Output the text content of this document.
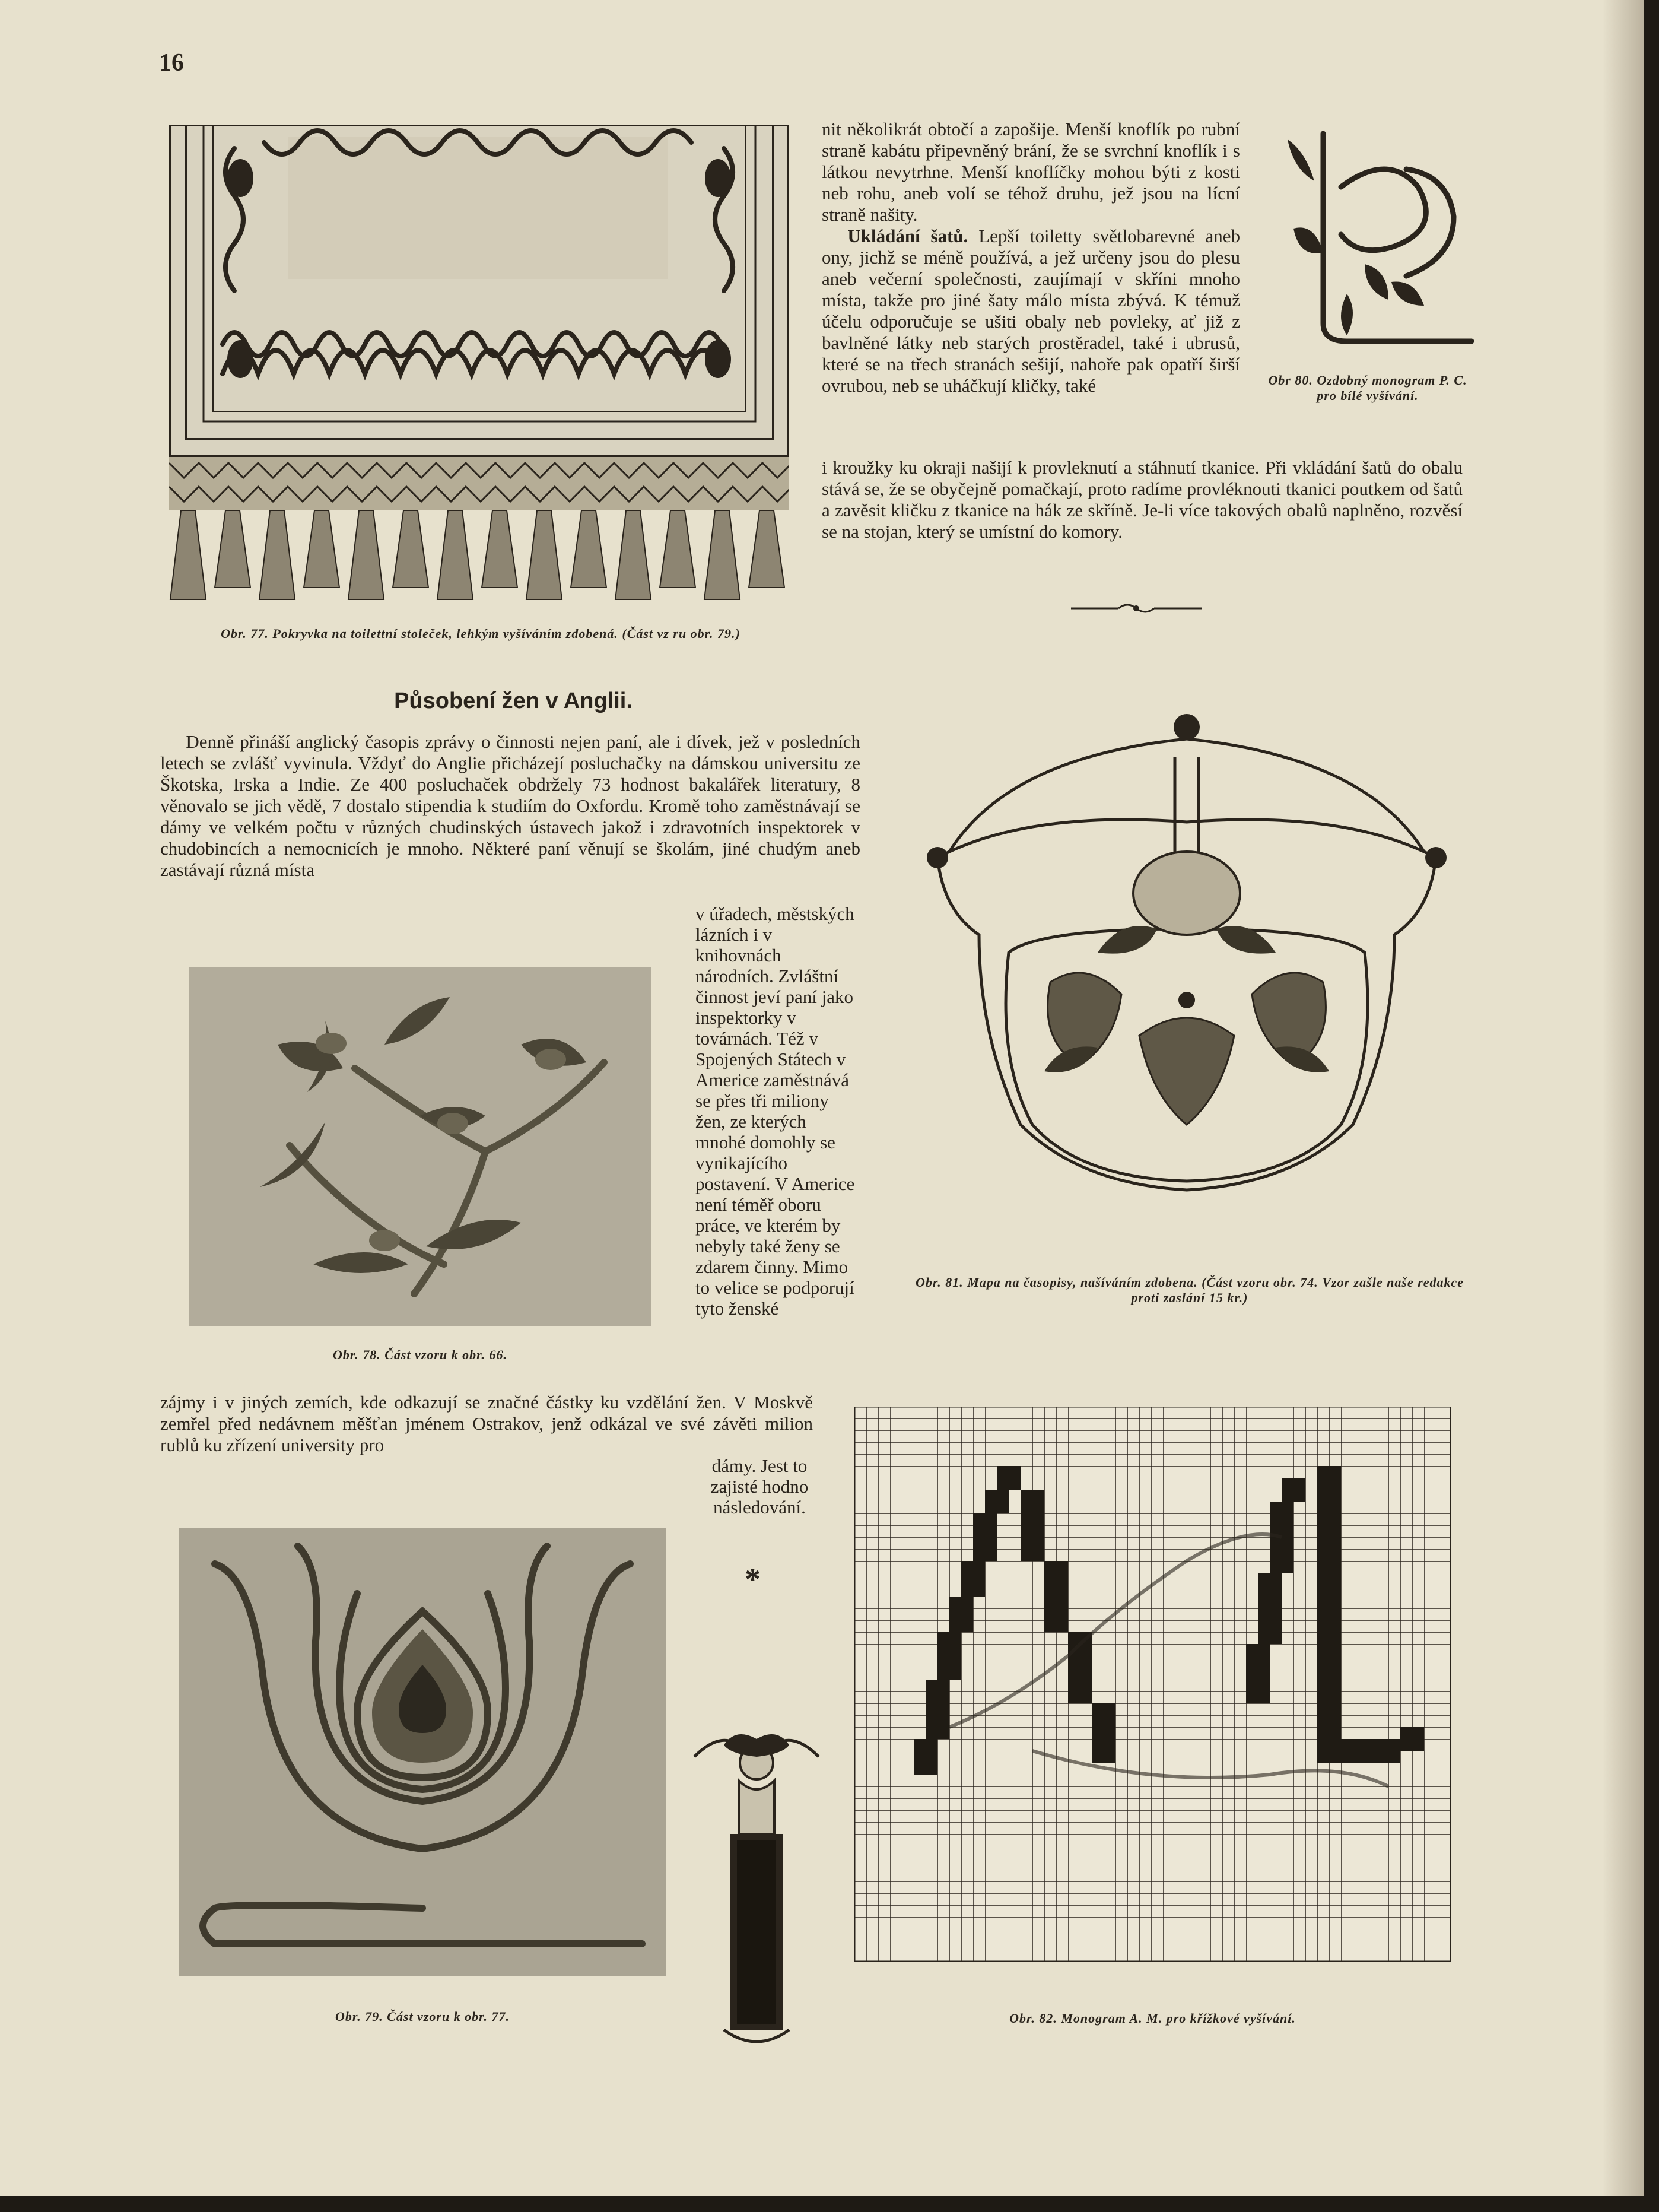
16
Obr. 77. Pokryvka na toilettní stoleček, lehkým vyšíváním zdobená. (Část vz ru obr. 79.)

nit několikrát obtočí a zapošije. Menší knoflík po rubní straně kabátu připevněný brání, že se svrchní knoflík i s látkou nevytrhne. Menší knoflíčky mohou býti z kosti neb rohu, aneb volí se téhož druhu, jež jsou na lícní straně našity.

Ukládání šatů. Lepší toiletty světlobarevné aneb ony, jichž se méně používá, a jež určeny jsou do plesu aneb večerní společnosti, zaujímají v skříni mnoho místa, takže pro jiné šaty málo místa zbývá. K témuž účelu odporučuje se ušiti obaly neb povleky, ať již z bavlněné látky neb starých prostěradel, také i ubrusů, které se na třech stranách sešijí, nahoře pak opatří širší ovrubou, neb se uháčkují kličky, také

i kroužky ku okraji našijí k provleknutí a stáhnutí tkanice. Při vkládání šatů do obalu stává se, že se obyčejně pomačkají, proto radíme provléknouti tkanici poutkem od šatů a zavěsit kličku z tkanice na hák ze skříně. Je-li více takových obalů naplněno, rozvěsí se na stojan, který se umístní do komory.
Obr 80. Ozdobný monogram P. C. pro bílé vyšívání.
Působení žen v Anglii.

Denně přináší anglický časopis zprávy o činnosti nejen paní, ale i dívek, jež v posledních letech se zvlášť vyvinula. Vždyť do Anglie přicházejí posluchačky na dámskou universitu ze Škotska, Irska a Indie. Ze 400 posluchaček obdržely 73 hodnost bakalářek literatury, 8 věnovalo se jich vědě, 7 dostalo stipendia k studiím do Oxfordu. Kromě toho zaměstnávají se dámy ve velkém počtu v různých chudinských ústavech jakož i zdravotních inspektorek v chudobincích a nemocnicích je mnoho. Některé paní věnují se školám, jiné chudým aneb zastávají různá místa

v úřadech, městských lázních i v knihovnách národních. Zvláštní činnost jeví paní jako inspektorky v továrnách. Též v Spojených Státech v Americe zaměstnává se přes tři miliony žen, ze kterých mnohé domohly se vynikajícího postavení. V Americe není téměř oboru práce, ve kterém by nebyly také ženy se zdarem činny. Mimo to velice se podporují tyto ženské
zájmy i v jiných zemích, kde odkazují se značné částky ku vzdělání žen. V Moskvě zemřel před nedávnem měšťan jménem Ostrakov, jenž odkázal ve své závěti milion rublů ku zřízení university pro
dámy. Jest to zajisté hodno následování.
*
Obr. 78. Část vzoru k obr. 66.
Obr. 79. Část vzoru k obr. 77.
Obr. 81. Mapa na časopisy, našíváním zdobena. (Část vzoru obr. 74. Vzor zašle naše redakce proti zaslání 15 kr.)
Obr. 82. Monogram A. M. pro křížkové vyšívání.
